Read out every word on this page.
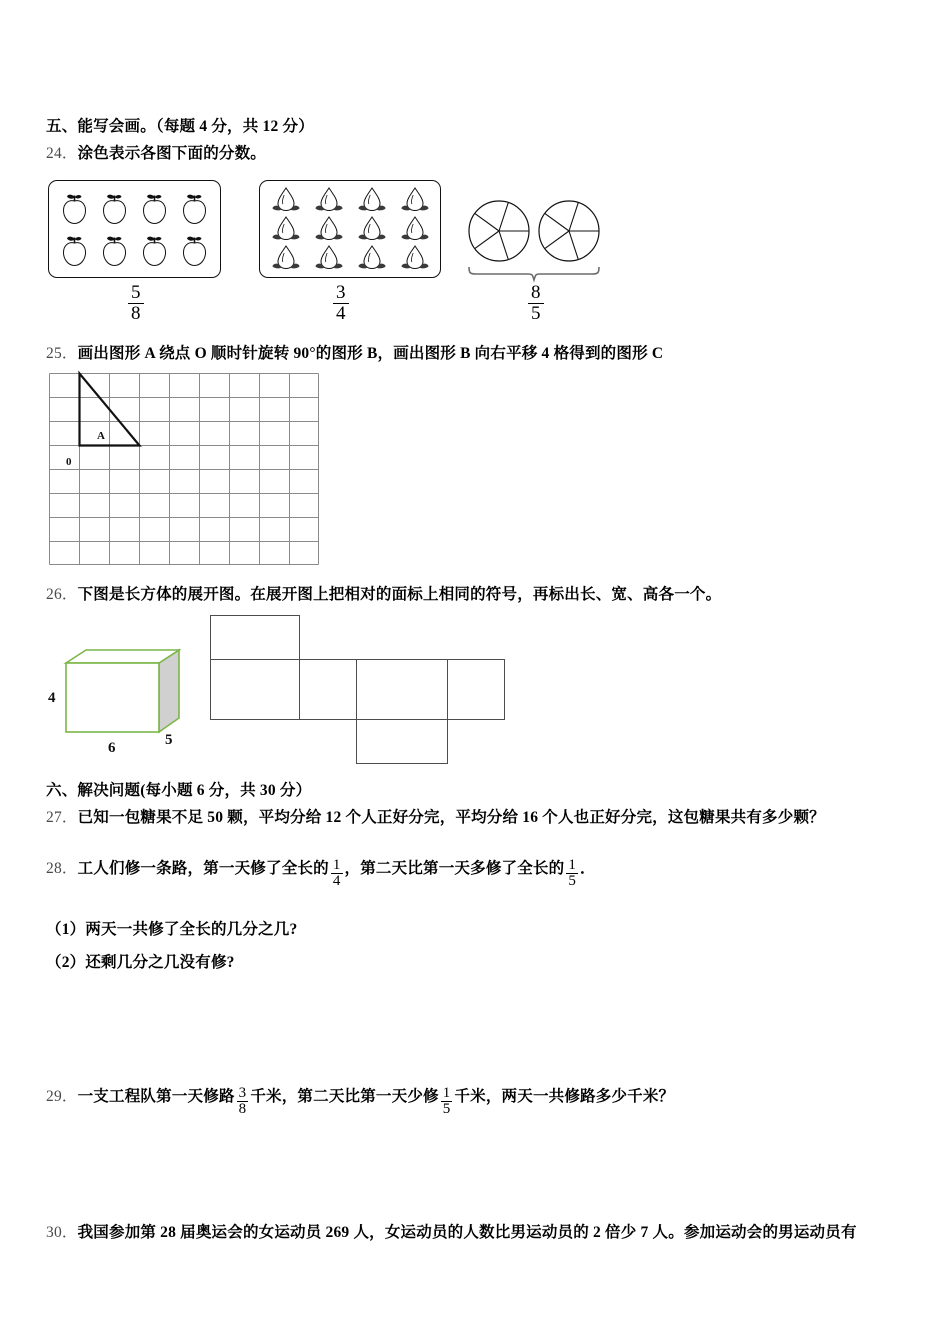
五、能写会画。（每题 4 分，共 12 分）
24．涂色表示各图下面的分数。
$\frac{5}{8}$	$\frac{3}{4}$	$\frac{8}{5}$
25．画出图形 A 绕点 O 顺时针旋转 90°的图形 B，画出图形 B 向右平移 4 格得到的图形 C
A
0
26．下图是长方体的展开图。在展开图上把相对的面标上相同的符号，再标出长、宽、高各一个。
4
6	5
六、解决问题(每小题 6 分，共 30 分）
27．已知一包糖果不足 50 颗，平均分给 12 个人正好分完，平均分给 16 个人也正好分完，这包糖果共有多少颗？
28．工人们修一条路，第一天修了全长的 $\frac{1}{4}$ ，第二天比第一天多修了全长的 $\frac{1}{5}$ ．
（1）两天一共修了全长的几分之几?
（2）还剩几分之几没有修?
29．一支工程队第一天修路 $\frac{3}{8}$ 千米，第二天比第一天少修 $\frac{1}{5}$ 千米，两天一共修路多少千米？
30．我国参加第 28 届奥运会的女运动员 269 人，女运动员的人数比男运动员的 2 倍少 7 人。参加运动会的男运动员有
